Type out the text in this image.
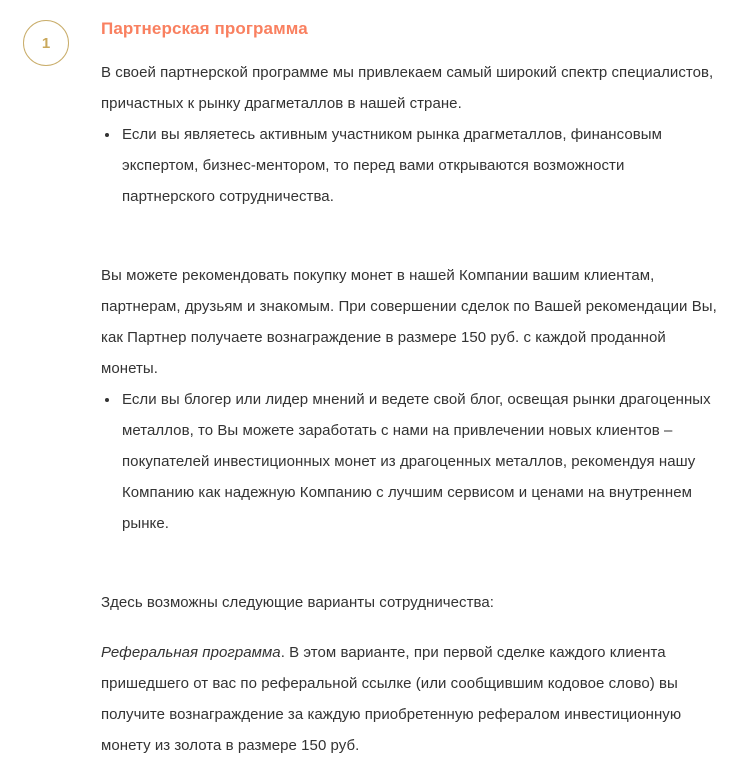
1
Партнерская программа

В своей партнерской программе мы привлекаем самый широкий спектр специалистов, причастных к рынку драгметаллов в нашей стране.

Если вы являетесь активным участником рынка драгметаллов, финансовым экспертом, бизнес-ментором, то перед вами открываются возможности партнерского сотрудничества.

Вы можете рекомендовать покупку монет в нашей Компании вашим клиентам, партнерам, друзьям и знакомым. При совершении сделок по Вашей рекомендации Вы, как Партнер получаете вознаграждение в размере 150 руб. с каждой проданной монеты.

Если вы блогер или лидер мнений и ведете свой блог, освещая рынки драгоценных металлов, то Вы можете заработать с нами на привлечении новых клиентов – покупателей инвестиционных монет из драгоценных металлов, рекомендуя нашу Компанию как надежную Компанию с лучшим сервисом и ценами на внутреннем рынке.

Здесь возможны следующие варианты сотрудничества:

Реферальная программа. В этом варианте, при первой сделке каждого клиента пришедшего от вас по реферальной ссылке (или сообщившим кодовое слово) вы получите вознаграждение за каждую приобретенную рефералом инвестиционную монету из золота в размере 150 руб.
